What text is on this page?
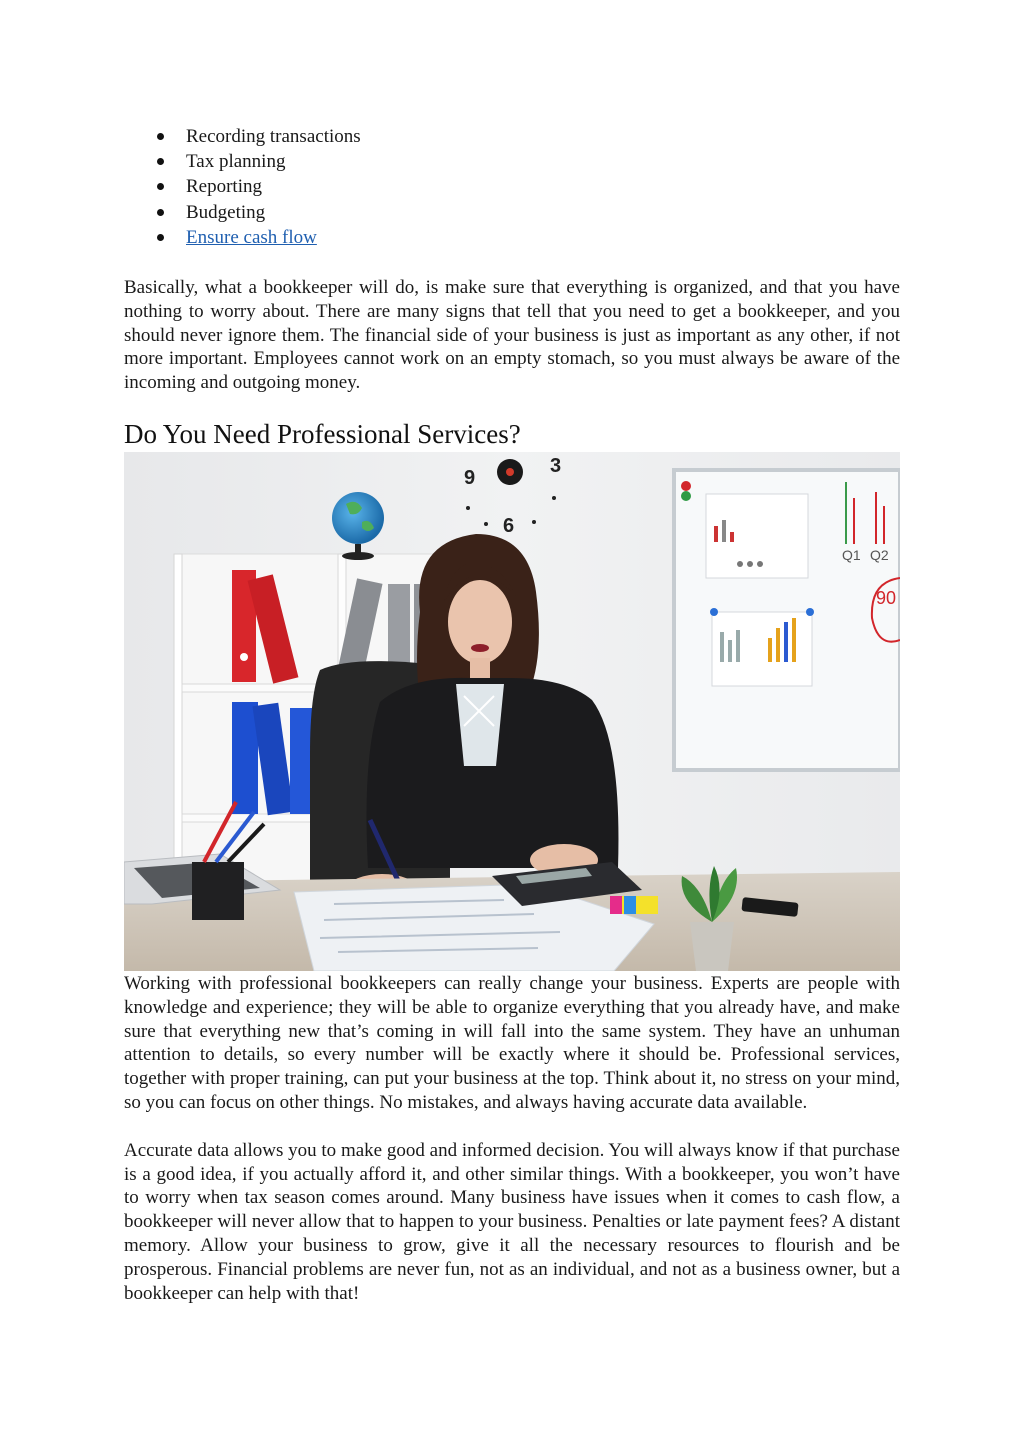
Recording transactions
Tax planning
Reporting
Budgeting
Ensure cash flow

Basically, what a bookkeeper will do, is make sure that everything is organized, and that you have nothing to worry about. There are many signs that tell that you need to get a bookkeeper, and you should never ignore them. The financial side of your business is just as important as any other, if not more important. Employees cannot work on an empty stomach, so you must always be aware of the incoming and outgoing money.

Do You Need Professional Services?
9
3
6
Q1 Q2
90

Working with professional bookkeepers can really change your business. Experts are people with knowledge and experience; they will be able to organize everything that you already have, and make sure that everything new that’s coming in will fall into the same system. They have an unhuman attention to details, so every number will be exactly where it should be. Professional services, together with proper training, can put your business at the top. Think about it, no stress on your mind, so you can focus on other things. No mistakes, and always having accurate data available.

Accurate data allows you to make good and informed decision. You will always know if that purchase is a good idea, if you actually afford it, and other similar things. With a bookkeeper, you won’t have to worry when tax season comes around. Many business have issues when it comes to cash flow, a bookkeeper will never allow that to happen to your business. Penalties or late payment fees? A distant memory. Allow your business to grow, give it all the necessary resources to flourish and be prosperous. Financial problems are never fun, not as an individual, and not as a business owner, but a bookkeeper can help with that!
